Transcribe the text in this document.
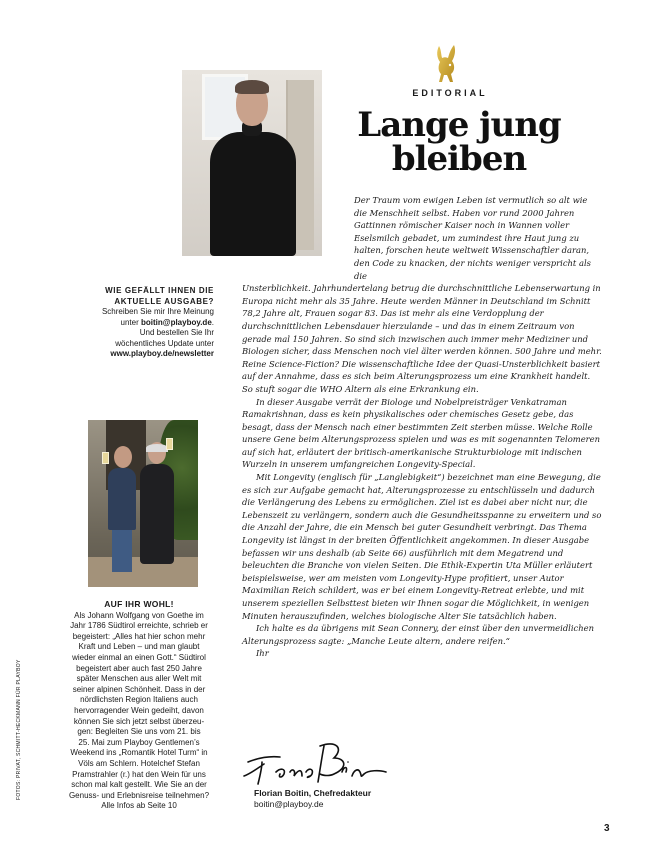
EDITORIAL
Lange jung
bleiben
WIE GEFÄLLT IHNEN DIE
AKTUELLE AUSGABE?
Schreiben Sie mir Ihre Meinung
unter boitin@playboy.de.
Und bestellen Sie Ihr
wöchentliches Update unter
www.playboy.de/newsletter
AUF IHR WOHL!
Als Johann Wolfgang von Goethe im
Jahr 1786 Südtirol erreichte, schrieb er
begeistert: „Alles hat hier schon mehr
Kraft und Leben – und man glaubt
wieder einmal an einen Gott.“ Südtirol
begeistert aber auch fast 250 Jahre
später Menschen aus aller Welt mit
seiner alpinen Schönheit. Dass in der
nördlichsten Region Italiens auch
hervorragender Wein gedeiht, davon
können Sie sich jetzt selbst überzeu-
gen: Begleiten Sie uns vom 21. bis
25. Mai zum Playboy Gentlemen’s
Weekend ins „Romantik Hotel Turm“ in
Völs am Schlern. Hotelchef Stefan
Pramstrahler (r.) hat den Wein für uns
schon mal kalt gestellt. Wie Sie an der
Genuss- und Erlebnisreise teilnehmen?
Alle Infos ab Seite 10
FOTOS: PRIVAT, SCHMITT-HECKMANN FÜR PLAYBOY

Der Traum vom ewigen Leben ist vermutlich so alt wie
die Menschheit selbst. Haben vor rund 2000 Jahren
Gattinnen römischer Kaiser noch in Wannen voller
Eselsmilch gebadet, um zumindest ihre Haut jung zu
halten, forschen heute weltweit Wissenschaftler daran,
den Code zu knacken, der nichts weniger verspricht als die
Unsterblichkeit. Jahrhundertelang betrug die durchschnittliche Lebenserwartung in Europa nicht mehr als 35 Jahre. Heute werden Männer in Deutschland im Schnitt 78,2 Jahre alt, Frauen sogar 83. Das ist mehr als eine Verdopplung der durchschnittlichen Lebensdauer hierzulande – und das in einem Zeitraum von gerade mal 150 Jahren. So sind sich inzwischen auch immer mehr Mediziner und Biologen sicher, dass Menschen noch viel älter werden können. 500 Jahre und mehr. Reine Science-Fiction? Die wissenschaftliche Idee der Quasi-Unsterblichkeit basiert auf der Annahme, dass es sich beim Alterungsprozess um eine Krankheit handelt. So stuft sogar die WHO Altern als eine Erkrankung ein.

In dieser Ausgabe verrät der Biologe und Nobelpreisträger Venkatraman Ramakrishnan, dass es kein physikalisches oder chemisches Gesetz gebe, das besagt, dass der Mensch nach einer bestimmten Zeit sterben müsse. Welche Rolle unsere Gene beim Alterungsprozess spielen und was es mit sogenannten Telomeren auf sich hat, erläutert der britisch-amerikanische Strukturbiologe mit indischen Wurzeln in unserem umfangreichen Longevity-Special.

Mit Longevity (englisch für „Langlebigkeit“) bezeichnet man eine Bewegung, die es sich zur Aufgabe gemacht hat, Alterungsprozesse zu entschlüsseln und dadurch die Verlängerung des Lebens zu ermöglichen. Ziel ist es dabei aber nicht nur, die Lebenszeit zu verlängern, sondern auch die Gesundheitsspanne zu erweitern und so die Anzahl der Jahre, die ein Mensch bei guter Gesundheit verbringt. Das Thema Longevity ist längst in der breiten Öffentlichkeit angekommen. In dieser Ausgabe befassen wir uns deshalb (ab Seite 66) ausführlich mit dem Megatrend und beleuchten die Branche von vielen Seiten. Die Ethik-Expertin Uta Müller erläutert beispielsweise, wer am meisten vom Longevity-Hype profitiert, unser Autor Maximilian Reich schildert, was er bei einem Longevity-Retreat erlebte, und mit unserem speziellen Selbsttest bieten wir Ihnen sogar die Möglichkeit, in wenigen Minuten herauszufinden, welches biologische Alter Sie tatsächlich haben.

Ich halte es da übrigens mit Sean Connery, der einst über den unvermeidlichen Alterungsprozess sagte: „Manche Leute altern, andere reifen.“

Ihr

Florian Boitin, Chefredakteur
boitin@playboy.de
3
